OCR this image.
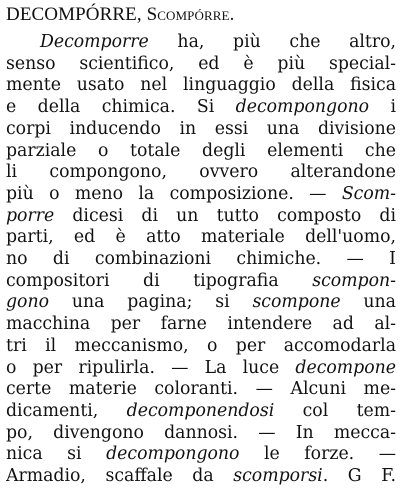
DECOMPÓRRE, Scompórre.
Decomporre ha, più che altro,
senso scientifico, ed è più special-
mente usato nel linguaggio della fisica
e della chimica. Si decompongono i
corpi inducendo in essi una divisione
parziale o totale degli elementi che
li compongono, ovvero alterandone
più o meno la composizione. — Scom-
porre dicesi di un tutto composto di
parti, ed è atto materiale dell'uomo,
no di combinazioni chimiche. — I
compositori di tipografia scompon-
gono una pagina; si scompone una
macchina per farne intendere ad al-
tri il meccanismo, o per accomodarla
o per ripulirla. — La luce decompone
certe materie coloranti. — Alcuni me-
dicamenti, decomponendosi col tem-
po, divengono dannosi. — In mecca-
nica si decompongono le forze. —
Armadio, scaffale da scomporsi. G F.
